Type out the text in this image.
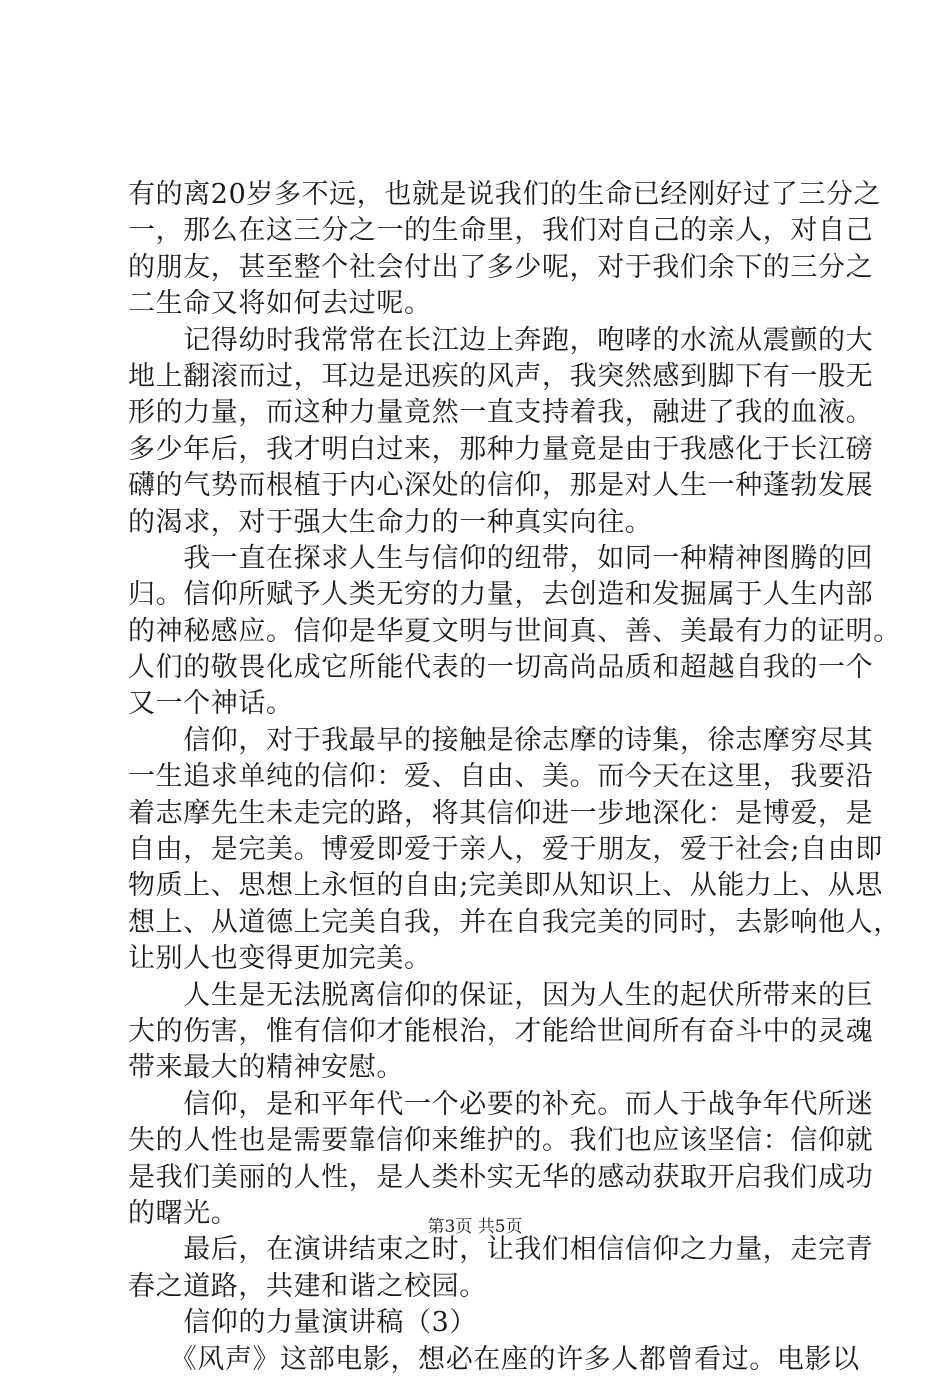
有的离20岁多不远，也就是说我们的生命已经刚好过了三分之
一，那么在这三分之一的生命里，我们对自己的亲人，对自己
的朋友，甚至整个社会付出了多少呢，对于我们余下的三分之
二生命又将如何去过呢。
　　记得幼时我常常在长江边上奔跑，咆哮的水流从震颤的大
地上翻滚而过，耳边是迅疾的风声，我突然感到脚下有一股无
形的力量，而这种力量竟然一直支持着我，融进了我的血液。
多少年后，我才明白过来，那种力量竟是由于我感化于长江磅
礴的气势而根植于内心深处的信仰，那是对人生一种蓬勃发展
的渴求，对于强大生命力的一种真实向往。
　　我一直在探求人生与信仰的纽带，如同一种精神图腾的回
归。信仰所赋予人类无穷的力量，去创造和发掘属于人生内部
的神秘感应。信仰是华夏文明与世间真、善、美最有力的证明。
人们的敬畏化成它所能代表的一切高尚品质和超越自我的一个
又一个神话。
　　信仰，对于我最早的接触是徐志摩的诗集，徐志摩穷尽其
一生追求单纯的信仰：爱、自由、美。而今天在这里，我要沿
着志摩先生未走完的路，将其信仰进一步地深化：是博爱，是
自由，是完美。博爱即爱于亲人，爱于朋友，爱于社会;自由即
物质上、思想上永恒的自由;完美即从知识上、从能力上、从思
想上、从道德上完美自我，并在自我完美的同时，去影响他人，
让别人也变得更加完美。
　　人生是无法脱离信仰的保证，因为人生的起伏所带来的巨
大的伤害，惟有信仰才能根治，才能给世间所有奋斗中的灵魂
带来最大的精神安慰。
　　信仰，是和平年代一个必要的补充。而人于战争年代所迷
失的人性也是需要靠信仰来维护的。我们也应该坚信：信仰就
是我们美丽的人性，是人类朴实无华的感动获取开启我们成功
的曙光。
　　最后，在演讲结束之时，让我们相信信仰之力量，走完青
春之道路，共建和谐之校园。
　　信仰的力量演讲稿（3）
　　《风声》这部电影，想必在座的许多人都曾看过。电影以
第3页 共5页
